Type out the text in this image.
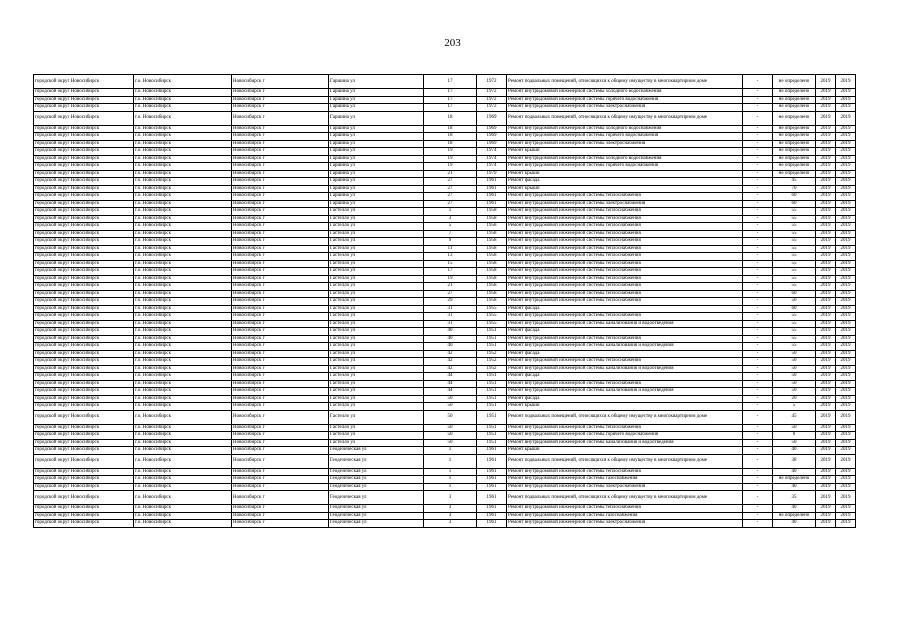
203
городской округ Новосибирск	г.о. Новосибирск	Новосибирск г	Гаршина ул	17	1972	Ремонт подвальных помещений, относящихся к общему имуществу в многоквартирном доме	-	не определено	2019	2019
городской округ Новосибирск	г.о. Новосибирск	Новосибирск г	Гаршина ул	17	1972	Ремонт внутридомовой инженерной системы холодного водоснабжения	-	не определено	2019	2019
городской округ Новосибирск	г.о. Новосибирск	Новосибирск г	Гаршина ул	17	1972	Ремонт внутридомовой инженерной системы горячего водоснабжения	-	не определено	2019	2019
городской округ Новосибирск	г.о. Новосибирск	Новосибирск г	Гаршина ул	17	1972	Ремонт внутридомовой инженерной системы электроснабжения	-	не определено	2019	2019
городской округ Новосибирск	г.о. Новосибирск	Новосибирск г	Гаршина ул	18	1969	Ремонт подвальных помещений, относящихся к общему имуществу в многоквартирном доме	-	не определено	2019	2019
городской округ Новосибирск	г.о. Новосибирск	Новосибирск г	Гаршина ул	18	1969	Ремонт внутридомовой инженерной системы холодного водоснабжения	-	не определено	2019	2019
городской округ Новосибирск	г.о. Новосибирск	Новосибирск г	Гаршина ул	18	1969	Ремонт внутридомовой инженерной системы горячего водоснабжения	-	не определено	2019	2019
городской округ Новосибирск	г.о. Новосибирск	Новосибирск г	Гаршина ул	18	1969	Ремонт внутридомовой инженерной системы электроснабжения	-	не определено	2019	2019
городской округ Новосибирск	г.о. Новосибирск	Новосибирск г	Гаршина ул	19	1974	Ремонт крыши	-	не определено	2019	2019
городской округ Новосибирск	г.о. Новосибирск	Новосибирск г	Гаршина ул	19	1974	Ремонт внутридомовой инженерной системы холодного водоснабжения	-	не определено	2019	2019
городской округ Новосибирск	г.о. Новосибирск	Новосибирск г	Гаршина ул	19	1974	Ремонт внутридомовой инженерной системы горячего водоснабжения	-	не определено	2019	2019
городской округ Новосибирск	г.о. Новосибирск	Новосибирск г	Гаршина ул	21	1979	Ремонт крыши	-	не определено	2019	2019
городской округ Новосибирск	г.о. Новосибирск	Новосибирск г	Гаршина ул	27	1961	Ремонт фасада	-	45	2019	2019
городской округ Новосибирск	г.о. Новосибирск	Новосибирск г	Гаршина ул	27	1961	Ремонт крыши	-	70	2019	2019
городской округ Новосибирск	г.о. Новосибирск	Новосибирск г	Гаршина ул	27	1961	Ремонт внутридомовой инженерной системы теплоснабжения	-	60	2019	2019
городской округ Новосибирск	г.о. Новосибирск	Новосибирск г	Гаршина ул	27	1961	Ремонт внутридомовой инженерной системы электроснабжения	-	60	2019	2019
городской округ Новосибирск	г.о. Новосибирск	Новосибирск г	Гастелло ул	1	1958	Ремонт внутридомовой инженерной системы теплоснабжения	-	55	2019	2019
городской округ Новосибирск	г.о. Новосибирск	Новосибирск г	Гастелло ул	3	1958	Ремонт внутридомовой инженерной системы теплоснабжения	-	55	2019	2019
городской округ Новосибирск	г.о. Новосибирск	Новосибирск г	Гастелло ул	5	1958	Ремонт внутридомовой инженерной системы теплоснабжения	-	55	2019	2019
городской округ Новосибирск	г.о. Новосибирск	Новосибирск г	Гастелло ул	7	1958	Ремонт внутридомовой инженерной системы теплоснабжения	-	55	2019	2019
городской округ Новосибирск	г.о. Новосибирск	Новосибирск г	Гастелло ул	9	1958	Ремонт внутридомовой инженерной системы теплоснабжения	-	55	2019	2019
городской округ Новосибирск	г.о. Новосибирск	Новосибирск г	Гастелло ул	11	1958	Ремонт внутридомовой инженерной системы теплоснабжения	-	55	2019	2019
городской округ Новосибирск	г.о. Новосибирск	Новосибирск г	Гастелло ул	13	1958	Ремонт внутридомовой инженерной системы теплоснабжения	-	55	2019	2019
городской округ Новосибирск	г.о. Новосибирск	Новосибирск г	Гастелло ул	15	1958	Ремонт внутридомовой инженерной системы теплоснабжения	-	55	2019	2019
городской округ Новосибирск	г.о. Новосибирск	Новосибирск г	Гастелло ул	17	1958	Ремонт внутридомовой инженерной системы теплоснабжения	-	55	2019	2019
городской округ Новосибирск	г.о. Новосибирск	Новосибирск г	Гастелло ул	19	1958	Ремонт внутридомовой инженерной системы теплоснабжения	-	55	2019	2019
городской округ Новосибирск	г.о. Новосибирск	Новосибирск г	Гастелло ул	21	1958	Ремонт внутридомовой инженерной системы теплоснабжения	-	55	2019	2019
городской округ Новосибирск	г.о. Новосибирск	Новосибирск г	Гастелло ул	27	1958	Ремонт внутридомовой инженерной системы теплоснабжения	-	60	2019	2019
городской округ Новосибирск	г.о. Новосибирск	Новосибирск г	Гастелло ул	29	1958	Ремонт внутридомовой инженерной системы теплоснабжения	-	50	2019	2019
городской округ Новосибирск	г.о. Новосибирск	Новосибирск г	Гастелло ул	31	1955	Ремонт фасада	-	60	2019	2019
городской округ Новосибирск	г.о. Новосибирск	Новосибирск г	Гастелло ул	31	1955	Ремонт внутридомовой инженерной системы теплоснабжения	-	55	2019	2019
городской округ Новосибирск	г.о. Новосибирск	Новосибирск г	Гастелло ул	31	1955	Ремонт внутридомовой инженерной системы канализования и водоотведения	-	55	2019	2019
городской округ Новосибирск	г.о. Новосибирск	Новосибирск г	Гастелло ул	40	1951	Ремонт фасада	-	55	2019	2019
городской округ Новосибирск	г.о. Новосибирск	Новосибирск г	Гастелло ул	40	1951	Ремонт внутридомовой инженерной системы теплоснабжения	-	55	2019	2019
городской округ Новосибирск	г.о. Новосибирск	Новосибирск г	Гастелло ул	40	1951	Ремонт внутридомовой инженерной системы канализования и водоотведения	-	55	2019	2019
городской округ Новосибирск	г.о. Новосибирск	Новосибирск г	Гастелло ул	42	1952	Ремонт фасада	-	50	2019	2019
городской округ Новосибирск	г.о. Новосибирск	Новосибирск г	Гастелло ул	42	1952	Ремонт внутридомовой инженерной системы теплоснабжения	-	50	2019	2019
городской округ Новосибирск	г.о. Новосибирск	Новосибирск г	Гастелло ул	42	1952	Ремонт внутридомовой инженерной системы канализования и водоотведения	-	50	2019	2019
городской округ Новосибирск	г.о. Новосибирск	Новосибирск г	Гастелло ул	44	1951	Ремонт фасада	-	50	2019	2019
городской округ Новосибирск	г.о. Новосибирск	Новосибирск г	Гастелло ул	44	1951	Ремонт внутридомовой инженерной системы теплоснабжения	-	50	2019	2019
городской округ Новосибирск	г.о. Новосибирск	Новосибирск г	Гастелло ул	44	1951	Ремонт внутридомовой инженерной системы канализования и водоотведения	-	50	2019	2019
городской округ Новосибирск	г.о. Новосибирск	Новосибирск г	Гастелло ул	50	1951	Ремонт фасада	-	20	2019	2019
городской округ Новосибирск	г.о. Новосибирск	Новосибирск г	Гастелло ул	50	1951	Ремонт крыши	-	5	2019	2019
городской округ Новосибирск	г.о. Новосибирск	Новосибирск г	Гастелло ул	50	1951	Ремонт подвальных помещений, относящихся к общему имуществу в многоквартирном доме	-	45	2019	2019
городской округ Новосибирск	г.о. Новосибирск	Новосибирск г	Гастелло ул	50	1951	Ремонт внутридомовой инженерной системы теплоснабжения	-	50	2019	2019
городской округ Новосибирск	г.о. Новосибирск	Новосибирск г	Гастелло ул	50	1951	Ремонт внутридомовой инженерной системы горячего водоснабжения	-	0	2019	2019
городской округ Новосибирск	г.о. Новосибирск	Новосибирск г	Гастелло ул	50	1951	Ремонт внутридомовой инженерной системы канализования и водоотведения	-	50	2019	2019
городской округ Новосибирск	г.о. Новосибирск	Новосибирск г	Геодезическая ул	1	1961	Ремонт крыши	-	40	2019	2019
городской округ Новосибирск	г.о. Новосибирск	Новосибирск г	Геодезическая ул	1	1961	Ремонт подвальных помещений, относящихся к общему имуществу в многоквартирном доме	-	38	2019	2019
городской округ Новосибирск	г.о. Новосибирск	Новосибирск г	Геодезическая ул	1	1961	Ремонт внутридомовой инженерной системы теплоснабжения	-	40	2019	2019
городской округ Новосибирск	г.о. Новосибирск	Новосибирск г	Геодезическая ул	1	1961	Ремонт внутридомовой инженерной системы газоснабжения	-	не определено	2019	2019
городской округ Новосибирск	г.о. Новосибирск	Новосибирск г	Геодезическая ул	1	1961	Ремонт внутридомовой инженерной системы электроснабжения	-	40	2019	2019
городской округ Новосибирск	г.о. Новосибирск	Новосибирск г	Геодезическая ул	3	1961	Ремонт подвальных помещений, относящихся к общему имуществу в многоквартирном доме	-	35	2019	2019
городской округ Новосибирск	г.о. Новосибирск	Новосибирск г	Геодезическая ул	3	1961	Ремонт внутридомовой инженерной системы теплоснабжения	-	40	2019	2019
городской округ Новосибирск	г.о. Новосибирск	Новосибирск г	Геодезическая ул	3	1961	Ремонт внутридомовой инженерной системы газоснабжения	-	не определено	2019	2019
городской округ Новосибирск	г.о. Новосибирск	Новосибирск г	Геодезическая ул	3	1961	Ремонт внутридомовой инженерной системы электроснабжения	-	40	2019	2019
